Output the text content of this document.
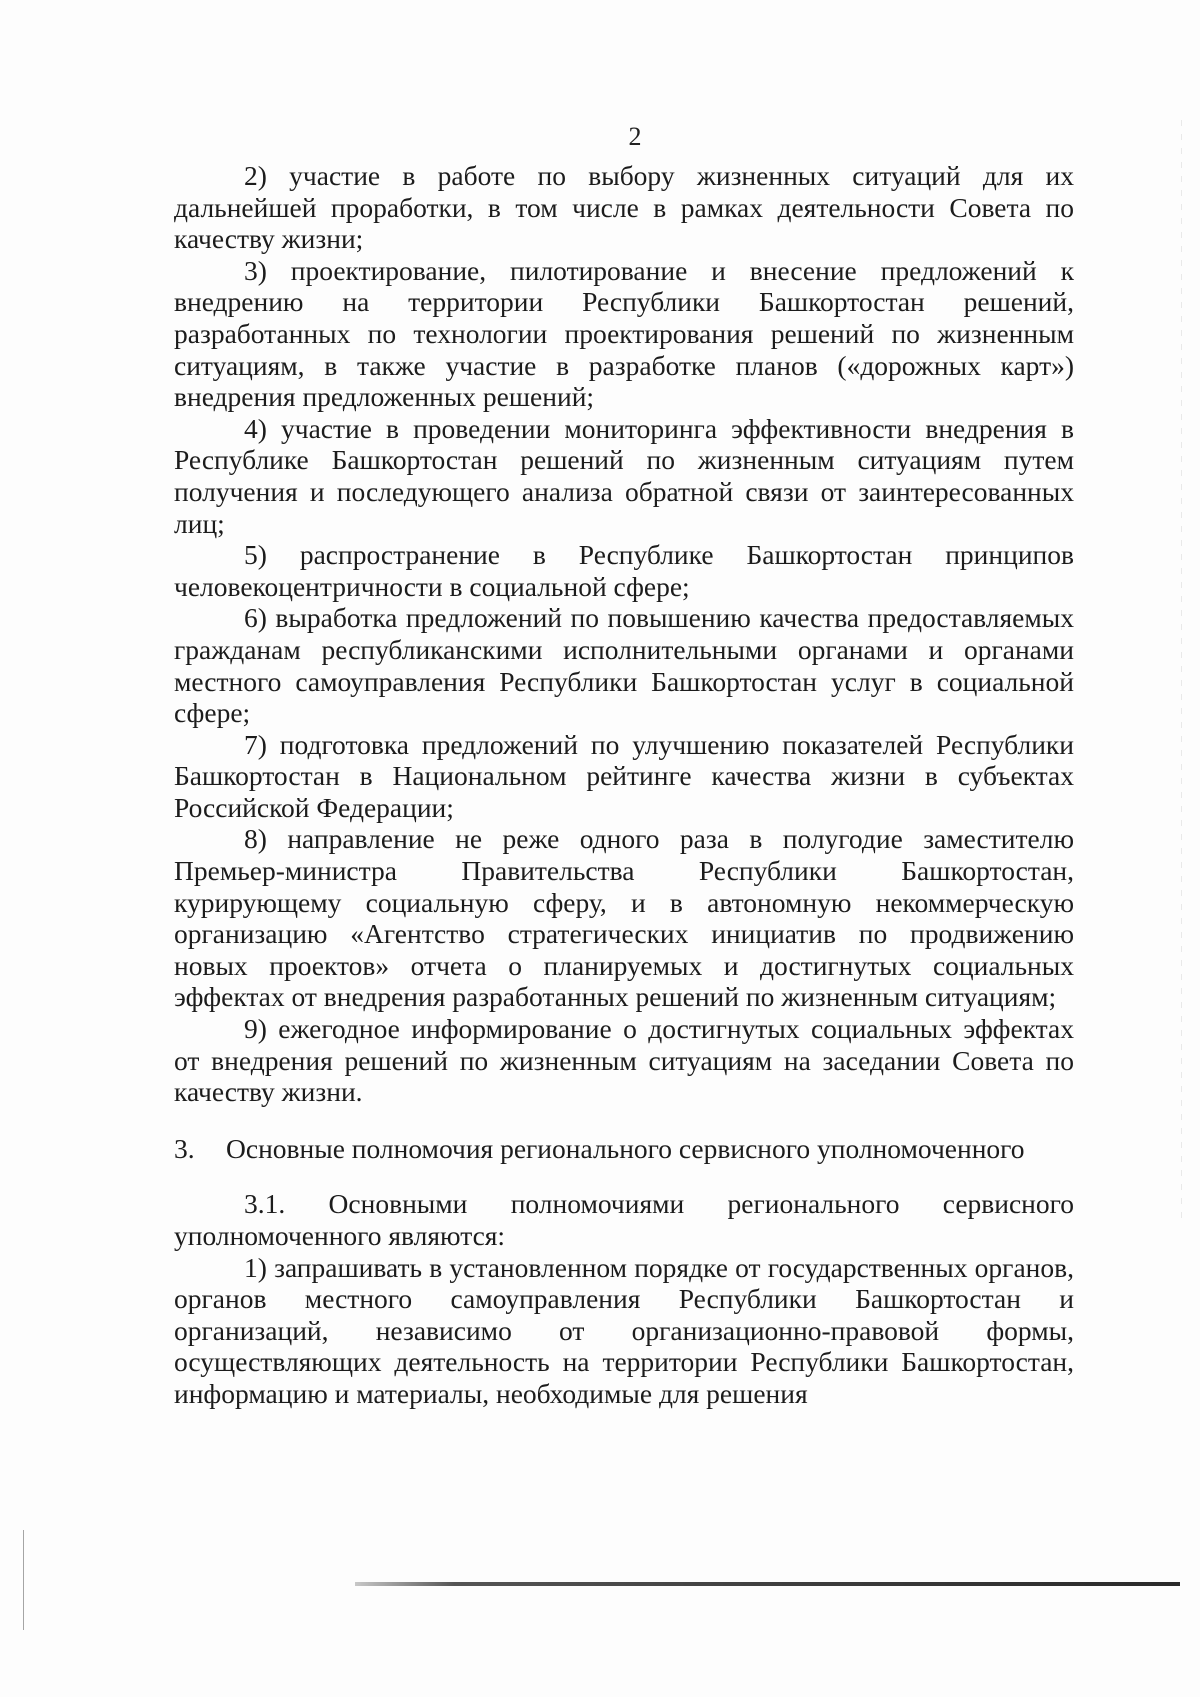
2

2) участие в работе по выбору жизненных ситуаций для их дальнейшей проработки, в том числе в рамках деятельности Совета по качеству жизни;

3) проектирование, пилотирование и внесение предложений к внедрению на территории Республики Башкортостан решений, разработанных по технологии проектирования решений по жизненным ситуациям, в также участие в разработке планов («дорожных карт») внедрения предложенных решений;

4) участие в проведении мониторинга эффективности внедрения в Республике Башкортостан решений по жизненным ситуациям путем получения и последующего анализа обратной связи от заинтересованных лиц;

5) распространение в Республике Башкортостан принципов человекоцентричности в социальной сфере;

6) выработка предложений по повышению качества предоставляемых гражданам республиканскими исполнительными органами и органами местного самоуправления Республики Башкортостан услуг в социальной сфере;

7) подготовка предложений по улучшению показателей Республики Башкортостан в Национальном рейтинге качества жизни в субъектах Российской Федерации;

8) направление не реже одного раза в полугодие заместителю Премьер-министра Правительства Республики Башкортостан, курирующему социальную сферу, и в автономную некоммерческую организацию «Агентство стратегических инициатив по продвижению новых проектов» отчета о планируемых и достигнутых социальных эффектах от внедрения разработанных решений по жизненным ситуациям;

9) ежегодное информирование о достигнутых социальных эффектах от внедрения решений по жизненным ситуациям на заседании Совета по качеству жизни.

3. Основные полномочия регионального сервисного уполномоченного

3.1. Основными полномочиями регионального сервисного уполномоченного являются:

1) запрашивать в установленном порядке от государственных органов, органов местного самоуправления Республики Башкортостан и организаций, независимо от организационно-правовой формы, осуществляющих деятельность на территории Республики Башкортостан, информацию и материалы, необходимые для решения
